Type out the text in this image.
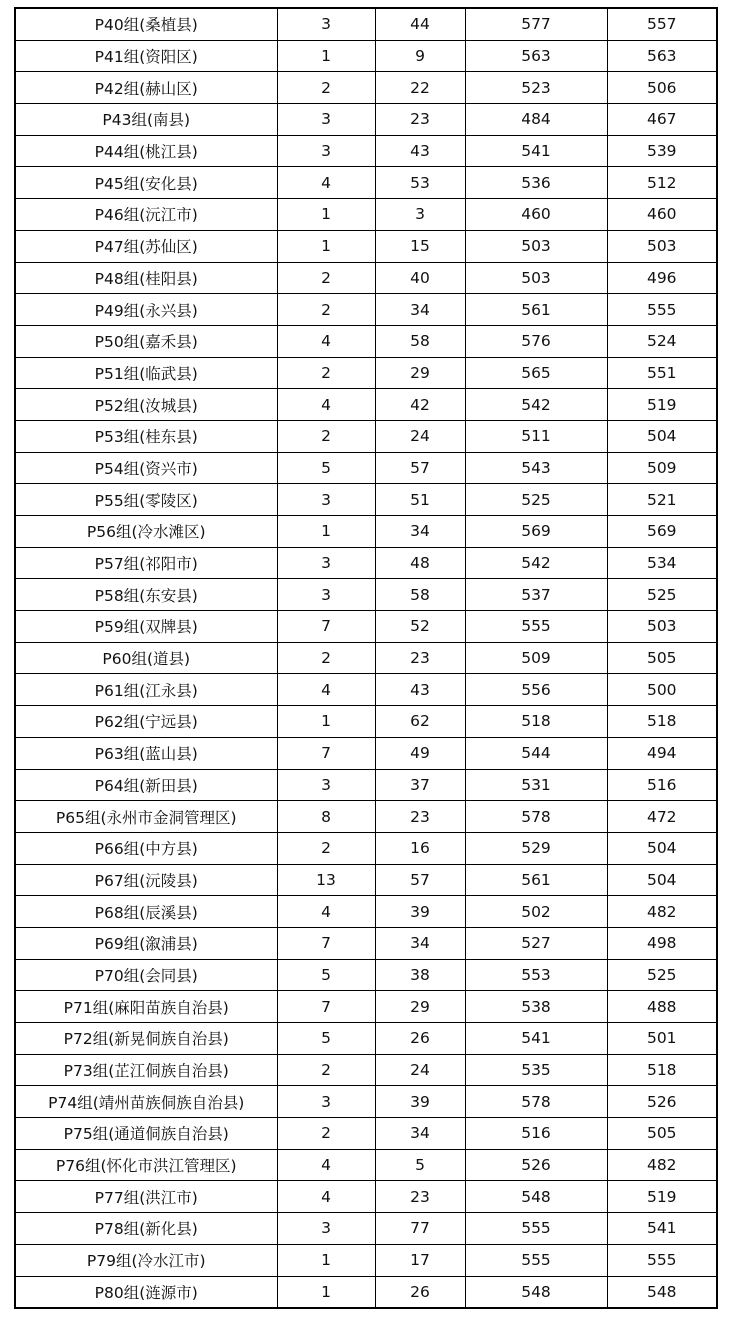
P40组(桑植县)	3	44	577	557
P41组(资阳区)	1	9	563	563
P42组(赫山区)	2	22	523	506
P43组(南县)	3	23	484	467
P44组(桃江县)	3	43	541	539
P45组(安化县)	4	53	536	512
P46组(沅江市)	1	3	460	460
P47组(苏仙区)	1	15	503	503
P48组(桂阳县)	2	40	503	496
P49组(永兴县)	2	34	561	555
P50组(嘉禾县)	4	58	576	524
P51组(临武县)	2	29	565	551
P52组(汝城县)	4	42	542	519
P53组(桂东县)	2	24	511	504
P54组(资兴市)	5	57	543	509
P55组(零陵区)	3	51	525	521
P56组(冷水滩区)	1	34	569	569
P57组(祁阳市)	3	48	542	534
P58组(东安县)	3	58	537	525
P59组(双牌县)	7	52	555	503
P60组(道县)	2	23	509	505
P61组(江永县)	4	43	556	500
P62组(宁远县)	1	62	518	518
P63组(蓝山县)	7	49	544	494
P64组(新田县)	3	37	531	516
P65组(永州市金洞管理区)	8	23	578	472
P66组(中方县)	2	16	529	504
P67组(沅陵县)	13	57	561	504
P68组(辰溪县)	4	39	502	482
P69组(溆浦县)	7	34	527	498
P70组(会同县)	5	38	553	525
P71组(麻阳苗族自治县)	7	29	538	488
P72组(新晃侗族自治县)	5	26	541	501
P73组(芷江侗族自治县)	2	24	535	518
P74组(靖州苗族侗族自治县)	3	39	578	526
P75组(通道侗族自治县)	2	34	516	505
P76组(怀化市洪江管理区)	4	5	526	482
P77组(洪江市)	4	23	548	519
P78组(新化县)	3	77	555	541
P79组(冷水江市)	1	17	555	555
P80组(涟源市)	1	26	548	548
